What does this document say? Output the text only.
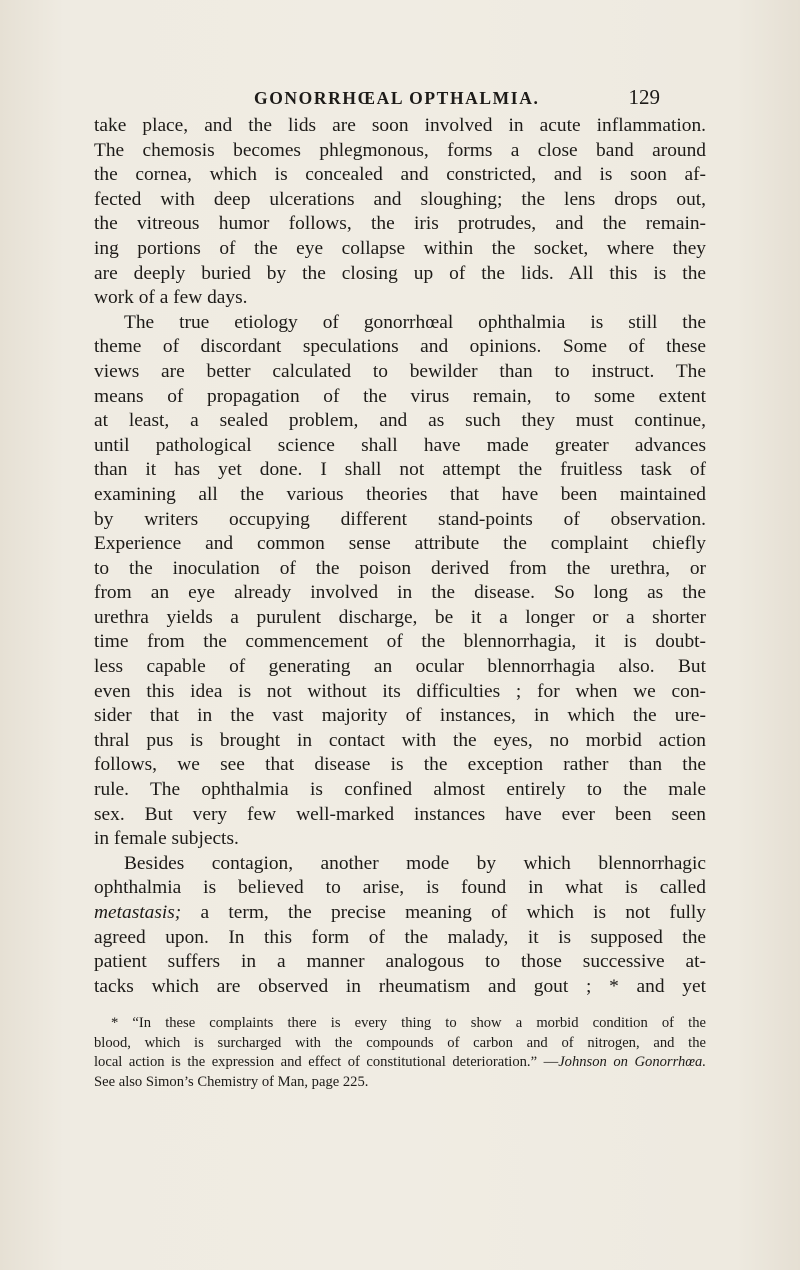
GONORRHŒAL OPTHALMIA.	129

take place, and the lids are soon involved in acute inflammation.
The chemosis becomes phlegmonous, forms a close band around
the cornea, which is concealed and constricted, and is soon af-
fected with deep ulcerations and sloughing; the lens drops out,
the vitreous humor follows, the iris protrudes, and the remain-
ing portions of the eye collapse within the socket, where they
are deeply buried by the closing up of the lids. All this is the
work of a few days.

The true etiology of gonorrhœal ophthalmia is still the
theme of discordant speculations and opinions. Some of these
views are better calculated to bewilder than to instruct. The
means of propagation of the virus remain, to some extent
at least, a sealed problem, and as such they must continue,
until pathological science shall have made greater advances
than it has yet done. I shall not attempt the fruitless task of
examining all the various theories that have been maintained
by writers occupying different stand-points of observation.
Experience and common sense attribute the complaint chiefly
to the inoculation of the poison derived from the urethra, or
from an eye already involved in the disease. So long as the
urethra yields a purulent discharge, be it a longer or a shorter
time from the commencement of the blennorrhagia, it is doubt-
less capable of generating an ocular blennorrhagia also. But
even this idea is not without its difficulties ; for when we con-
sider that in the vast majority of instances, in which the ure-
thral pus is brought in contact with the eyes, no morbid action
follows, we see that disease is the exception rather than the
rule. The ophthalmia is confined almost entirely to the male
sex. But very few well-marked instances have ever been seen
in female subjects.

Besides contagion, another mode by which blennorrhagic
ophthalmia is believed to arise, is found in what is called
metastasis; a term, the precise meaning of which is not fully
agreed upon. In this form of the malady, it is supposed the
patient suffers in a manner analogous to those successive at-
tacks which are observed in rheumatism and gout ; * and yet

* “In these complaints there is every thing to show a morbid condition of the
blood, which is surcharged with the compounds of carbon and of nitrogen, and the
local action is the expression and effect of constitutional deterioration.” —Johnson on Gonorrhœa.
See also Simon’s Chemistry of Man, page 225.
